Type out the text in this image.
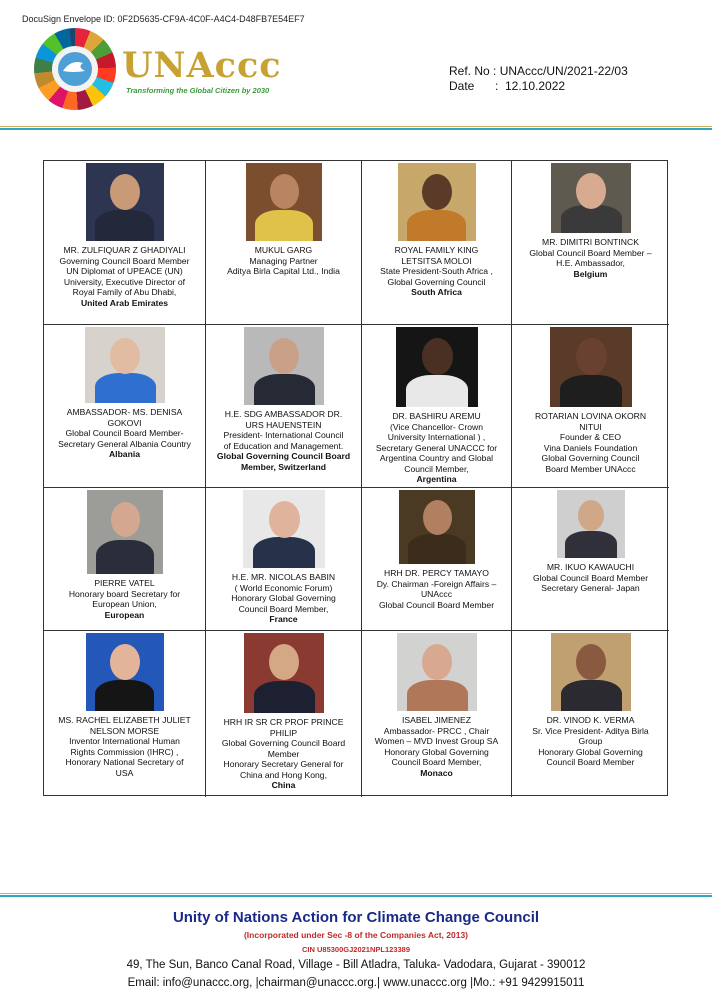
DocuSign Envelope ID: 0F2D5635-CF9A-4C0F-A4C4-D48FB7E54EF7
UNAccc
Transforming the Global Citizen by 2030
Ref. No :
UNAccc/UN/2021-22/03
Date	: 12.10.2022
MR. ZULFIQUAR Z GHADIYALI
Governing Council Board Member
UN Diplomat of UPEACE (UN)
University, Executive Director of
Royal Family of Abu Dhabi,
United Arab Emirates
MUKUL GARG
Managing Partner
Aditya Birla Capital Ltd., India
ROYAL FAMILY KING
LETSITSA MOLOI
State President-South Africa ,
Global Governing Council
South Africa
MR. DIMITRI BONTINCK
Global Council Board Member –
H.E. Ambassador,
Belgium
AMBASSADOR- MS. DENISA
GOKOVI
Global Council Board Member-
Secretary General Albania Country
Albania
H.E. SDG AMBASSADOR DR.
URS HAUENSTEIN
President- International Council
of Education and Management.
Global Governing Council Board Member, Switzerland
DR. BASHIRU AREMU
(Vice Chancellor- Crown
University International ) ,
Secretary General UNACCC for
Argentina Country and Global
Council Member,
Argentina
ROTARIAN LOVINA OKORN
NITUI
Founder & CEO
Vina Daniels Foundation
Global Governing Council
Board Member UNAccc
PIERRE VATEL
Honorary board Secretary for
European Union,
European
H.E. MR. NICOLAS BABIN
( World Economic Forum)
Honorary Global Governing
Council Board Member,
France
HRH DR. PERCY TAMAYO
Dy. Chairman -Foreign Affairs –
UNAccc
Global Council Board Member
MR. IKUO KAWAUCHI
Global Council Board Member
Secretary General- Japan
MS. RACHEL ELIZABETH JULIET
NELSON MORSE
Inventor International Human
Rights Commission (IHRC) ,
Honorary National Secretary of
USA
HRH IR SR CR PROF PRINCE
PHILIP
Global Governing Council Board
Member
Honorary Secretary General for
China and Hong Kong,
China
ISABEL JIMENEZ
Ambassador- PRCC , Chair
Women – MVD Invest Group SA
Honorary Global Governing
Council Board Member,
Monaco
DR. VINOD K. VERMA
Sr. Vice President- Aditya Birla
Group
Honorary Global Governing
Council Board Member
Unity of Nations Action for Climate Change Council
(Incorporated under Sec -8 of the Companies Act, 2013)
CIN U85300GJ2021NPL123389
49, The Sun, Banco Canal Road, Village - Bill Atladra, Taluka- Vadodara, Gujarat - 390012
Email: info@unaccc.org, |chairman@unaccc.org.| www.unaccc.org |Mo.: +91 9429915011
